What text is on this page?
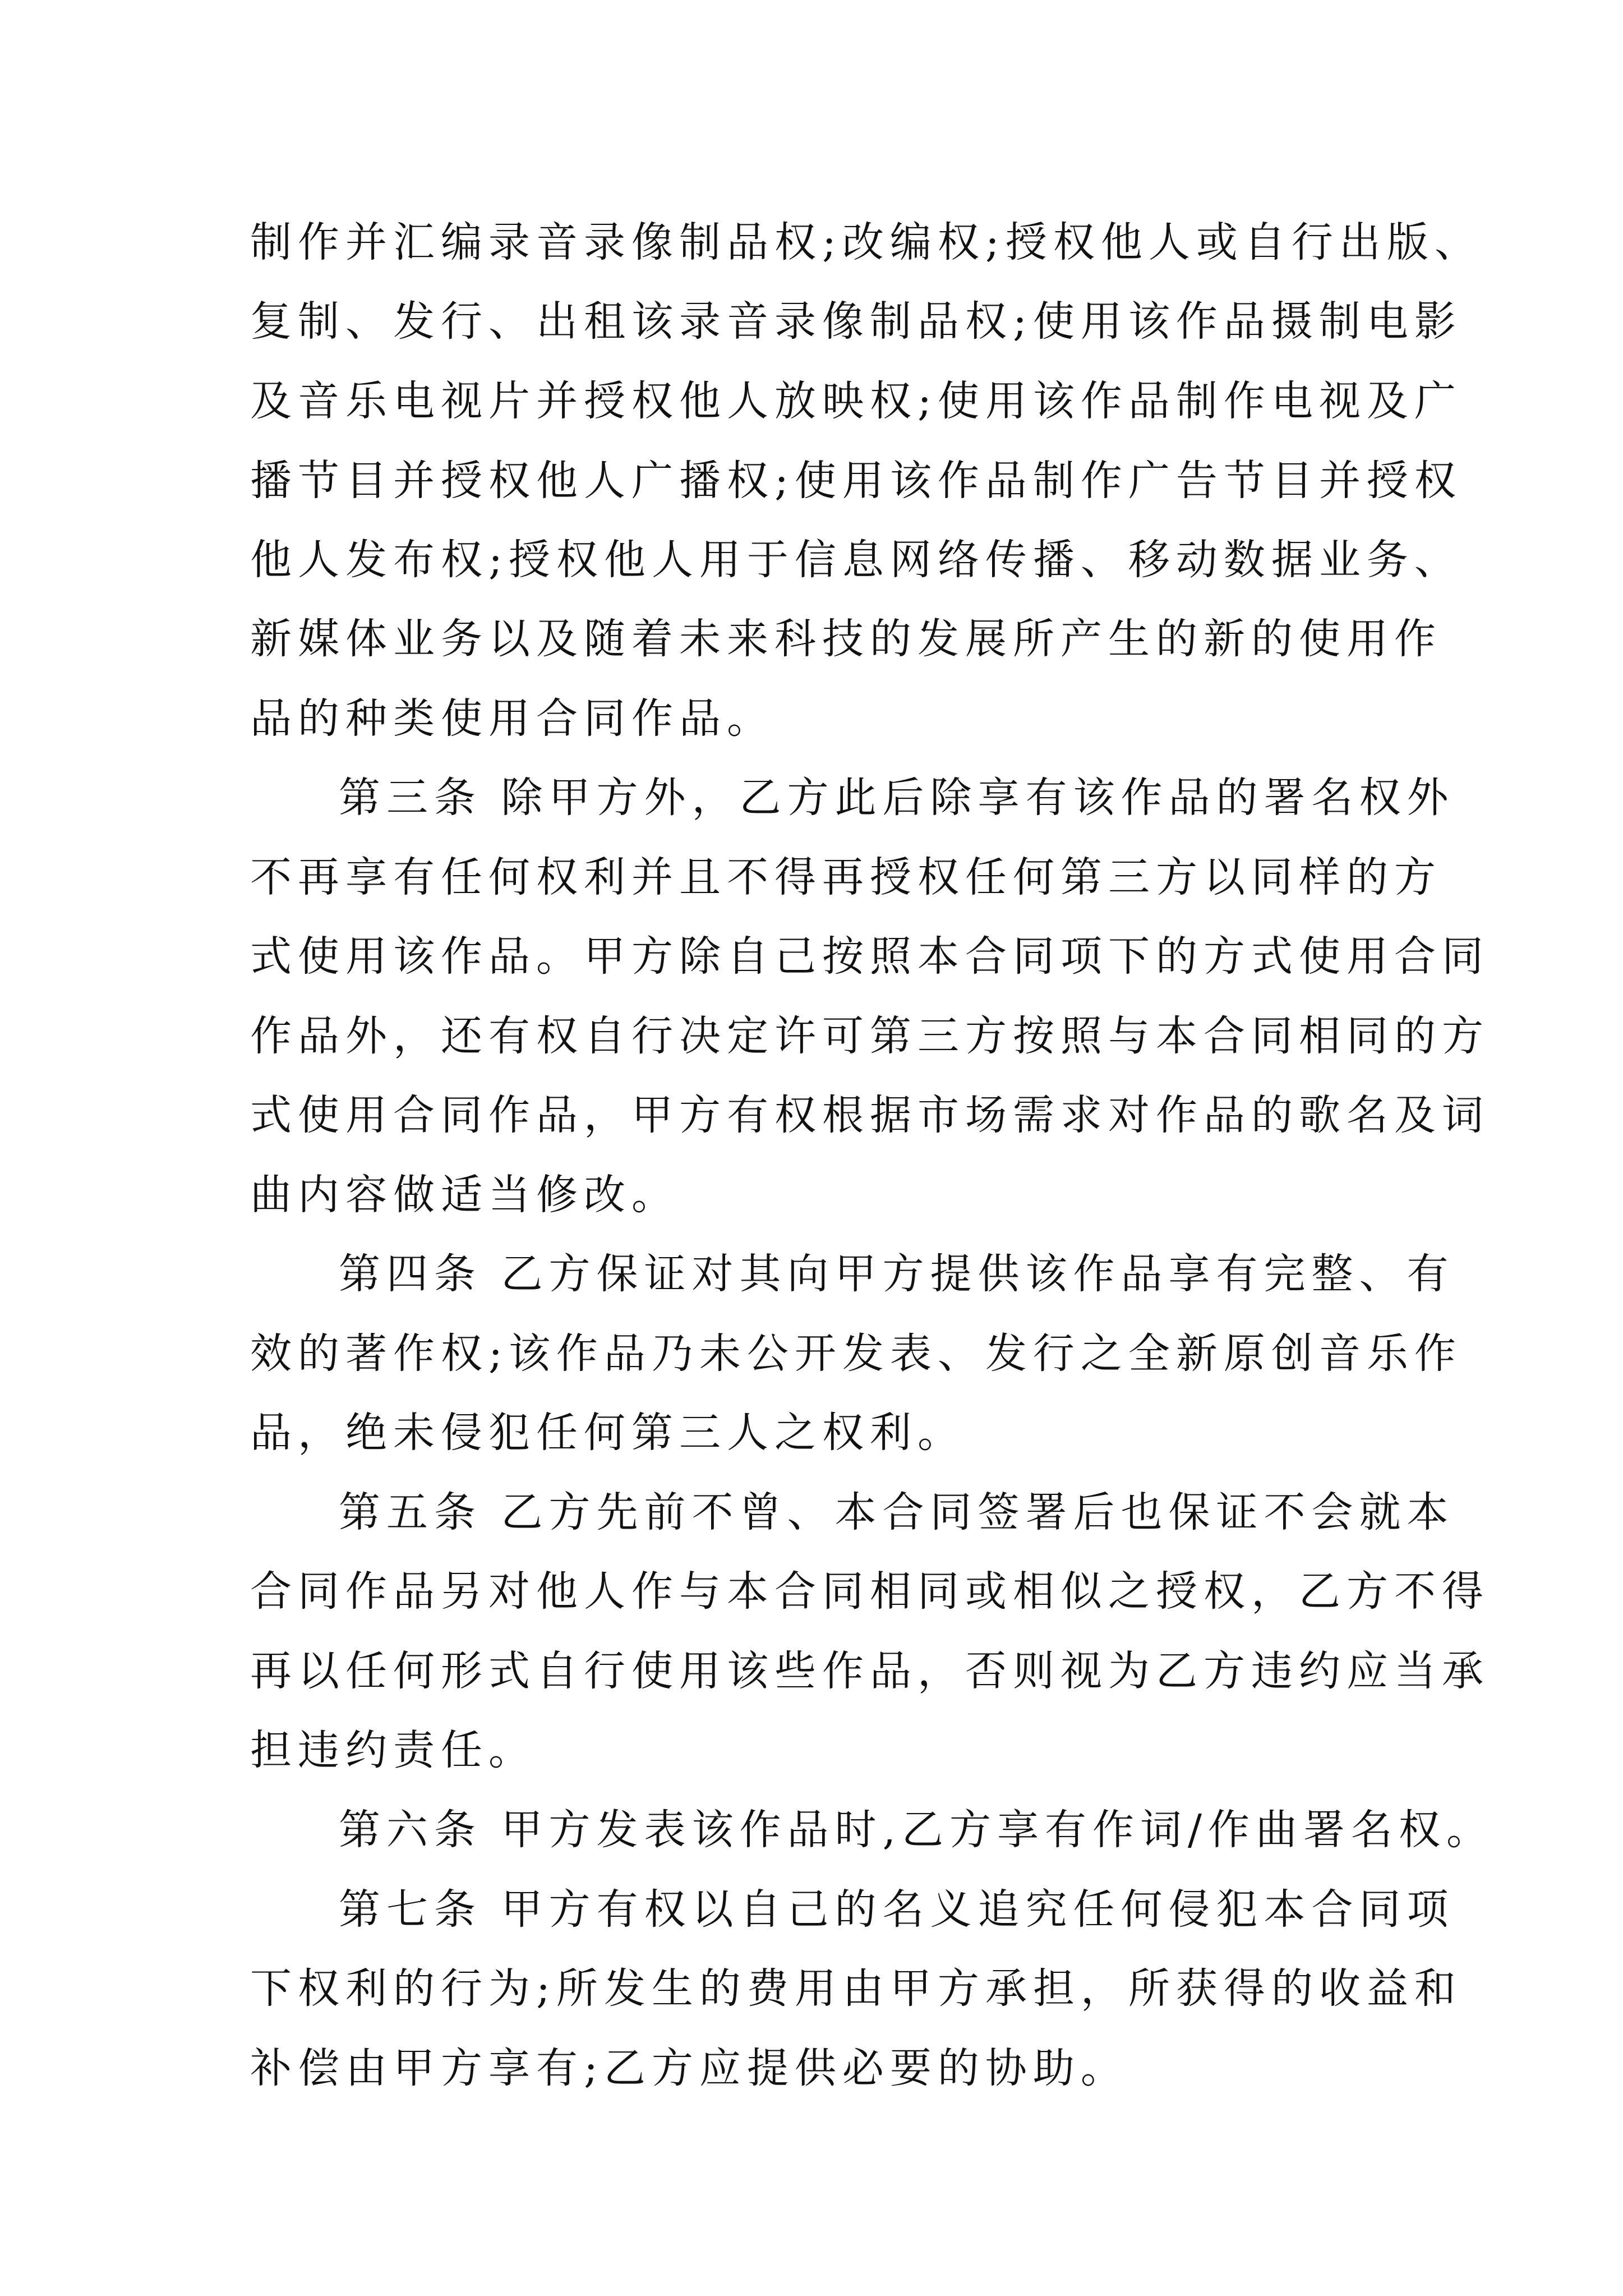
制作并汇编录音录像制品权;改编权;授权他人或自行出版、
复制、发行、出租该录音录像制品权;使用该作品摄制电影
及音乐电视片并授权他人放映权;使用该作品制作电视及广
播节目并授权他人广播权;使用该作品制作广告节目并授权
他人发布权;授权他人用于信息网络传播、移动数据业务、
新媒体业务以及随着未来科技的发展所产生的新的使用作
品的种类使用合同作品。
第三条 除甲方外，乙方此后除享有该作品的署名权外
不再享有任何权利并且不得再授权任何第三方以同样的方
式使用该作品。甲方除自己按照本合同项下的方式使用合同
作品外，还有权自行决定许可第三方按照与本合同相同的方
式使用合同作品，甲方有权根据市场需求对作品的歌名及词
曲内容做适当修改。
第四条 乙方保证对其向甲方提供该作品享有完整、有
效的著作权;该作品乃未公开发表、发行之全新原创音乐作
品，绝未侵犯任何第三人之权利。
第五条 乙方先前不曾、本合同签署后也保证不会就本
合同作品另对他人作与本合同相同或相似之授权，乙方不得
再以任何形式自行使用该些作品，否则视为乙方违约应当承
担违约责任。
第六条 甲方发表该作品时,乙方享有作词/作曲署名权。
第七条 甲方有权以自己的名义追究任何侵犯本合同项
下权利的行为;所发生的费用由甲方承担，所获得的收益和
补偿由甲方享有;乙方应提供必要的协助。
